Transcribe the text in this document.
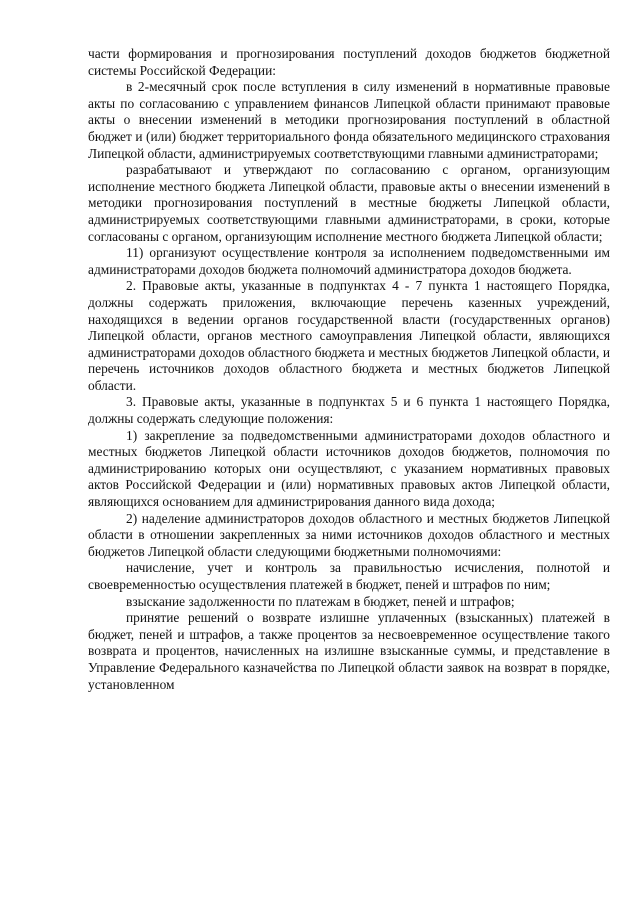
части формирования и прогнозирования поступлений доходов бюджетов бюджетной системы Российской Федерации:

в 2-месячный срок после вступления в силу изменений в нормативные правовые акты по согласованию с управлением финансов Липецкой области принимают правовые акты о внесении изменений в методики прогнозирования поступлений в областной бюджет и (или) бюджет территориального фонда обязательного медицинского страхования Липецкой области, администрируемых соответствующими главными администраторами;

разрабатывают и утверждают по согласованию с органом, организующим исполнение местного бюджета Липецкой области, правовые акты о внесении изменений в методики прогнозирования поступлений в местные бюджеты Липецкой области, администрируемых соответствующими главными администраторами, в сроки, которые согласованы с органом, организующим исполнение местного бюджета Липецкой области;

11) организуют осуществление контроля за исполнением подведомственными им администраторами доходов бюджета полномочий администратора доходов бюджета.

2. Правовые акты, указанные в подпунктах 4 - 7 пункта 1 настоящего Порядка, должны содержать приложения, включающие перечень казенных учреждений, находящихся в ведении органов государственной власти (государственных органов) Липецкой области, органов местного самоуправления Липецкой области, являющихся администраторами доходов областного бюджета и местных бюджетов Липецкой области, и перечень источников доходов областного бюджета и местных бюджетов Липецкой области.

3. Правовые акты, указанные в подпунктах 5 и 6 пункта 1 настоящего Порядка, должны содержать следующие положения:

1) закрепление за подведомственными администраторами доходов областного и местных бюджетов Липецкой области источников доходов бюджетов, полномочия по администрированию которых они осуществляют, с указанием нормативных правовых актов Российской Федерации и (или) нормативных правовых актов Липецкой области, являющихся основанием для администрирования данного вида дохода;

2) наделение администраторов доходов областного и местных бюджетов Липецкой области в отношении закрепленных за ними источников доходов областного и местных бюджетов Липецкой области следующими бюджетными полномочиями:

начисление, учет и контроль за правильностью исчисления, полнотой и своевременностью осуществления платежей в бюджет, пеней и штрафов по ним;

взыскание задолженности по платежам в бюджет, пеней и штрафов;

принятие решений о возврате излишне уплаченных (взысканных) платежей в бюджет, пеней и штрафов, а также процентов за несвоевременное осуществление такого возврата и процентов, начисленных на излишне взысканные суммы, и представление в Управление Федерального казначейства по Липецкой области заявок на возврат в порядке, установленном
